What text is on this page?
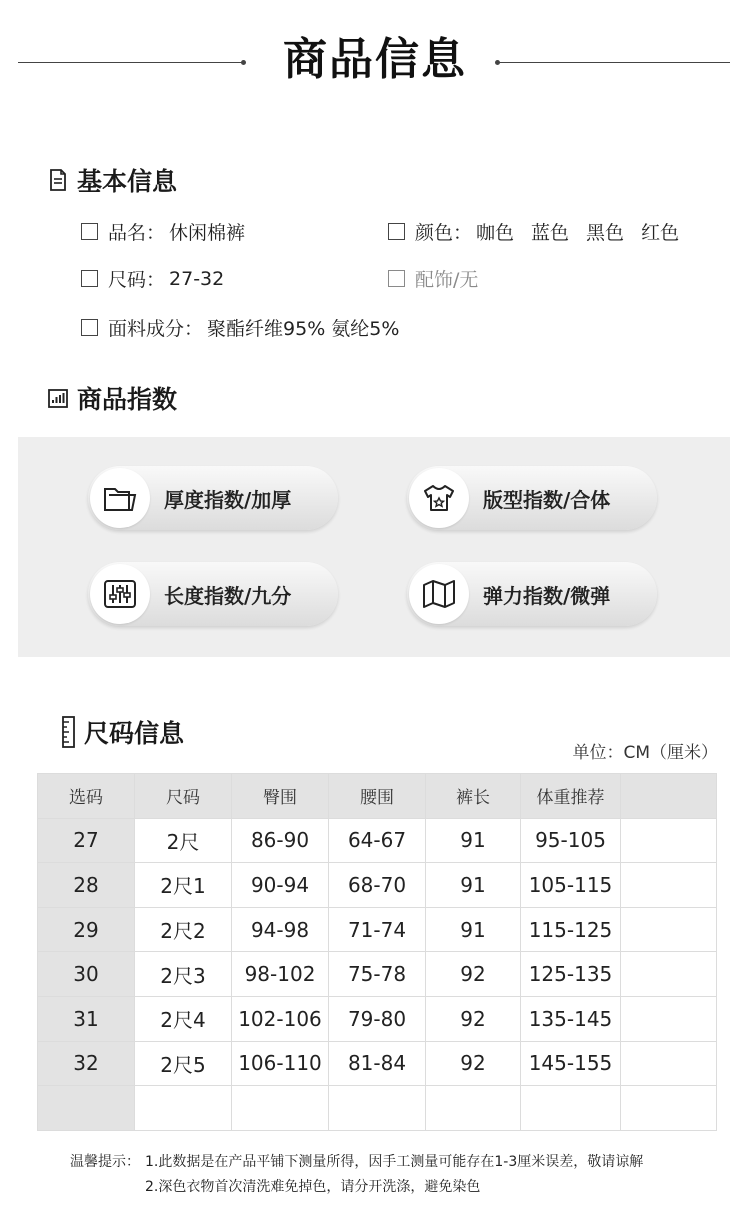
商品信息
基本信息
品名： 休闲棉裤	颜色： 咖色 蓝色 黑色 红色
尺码： 27-32	配饰/无
面料成分： 聚酯纤维95% 氨纶5%
商品指数
厚度指数/加厚	版型指数/合体
长度指数/九分	弹力指数/微弹
尺码信息
单位：CM（厘米）
选码	尺码	臀围	腰围	裤长	体重推荐	
27	2尺	86-90	64-67	91	95-105	
28	2尺1	90-94	68-70	91	105-115	
29	2尺2	94-98	71-74	91	115-125	
30	2尺3	98-102	75-78	92	125-135	
31	2尺4	102-106	79-80	92	135-145	
32	2尺5	106-110	81-84	92	145-155	

温馨提示： 1.此数据是在产品平铺下测量所得，因手工测量可能存在1-3厘米误差，敬请谅解
2.深色衣物首次清洗难免掉色，请分开洗涤，避免染色
